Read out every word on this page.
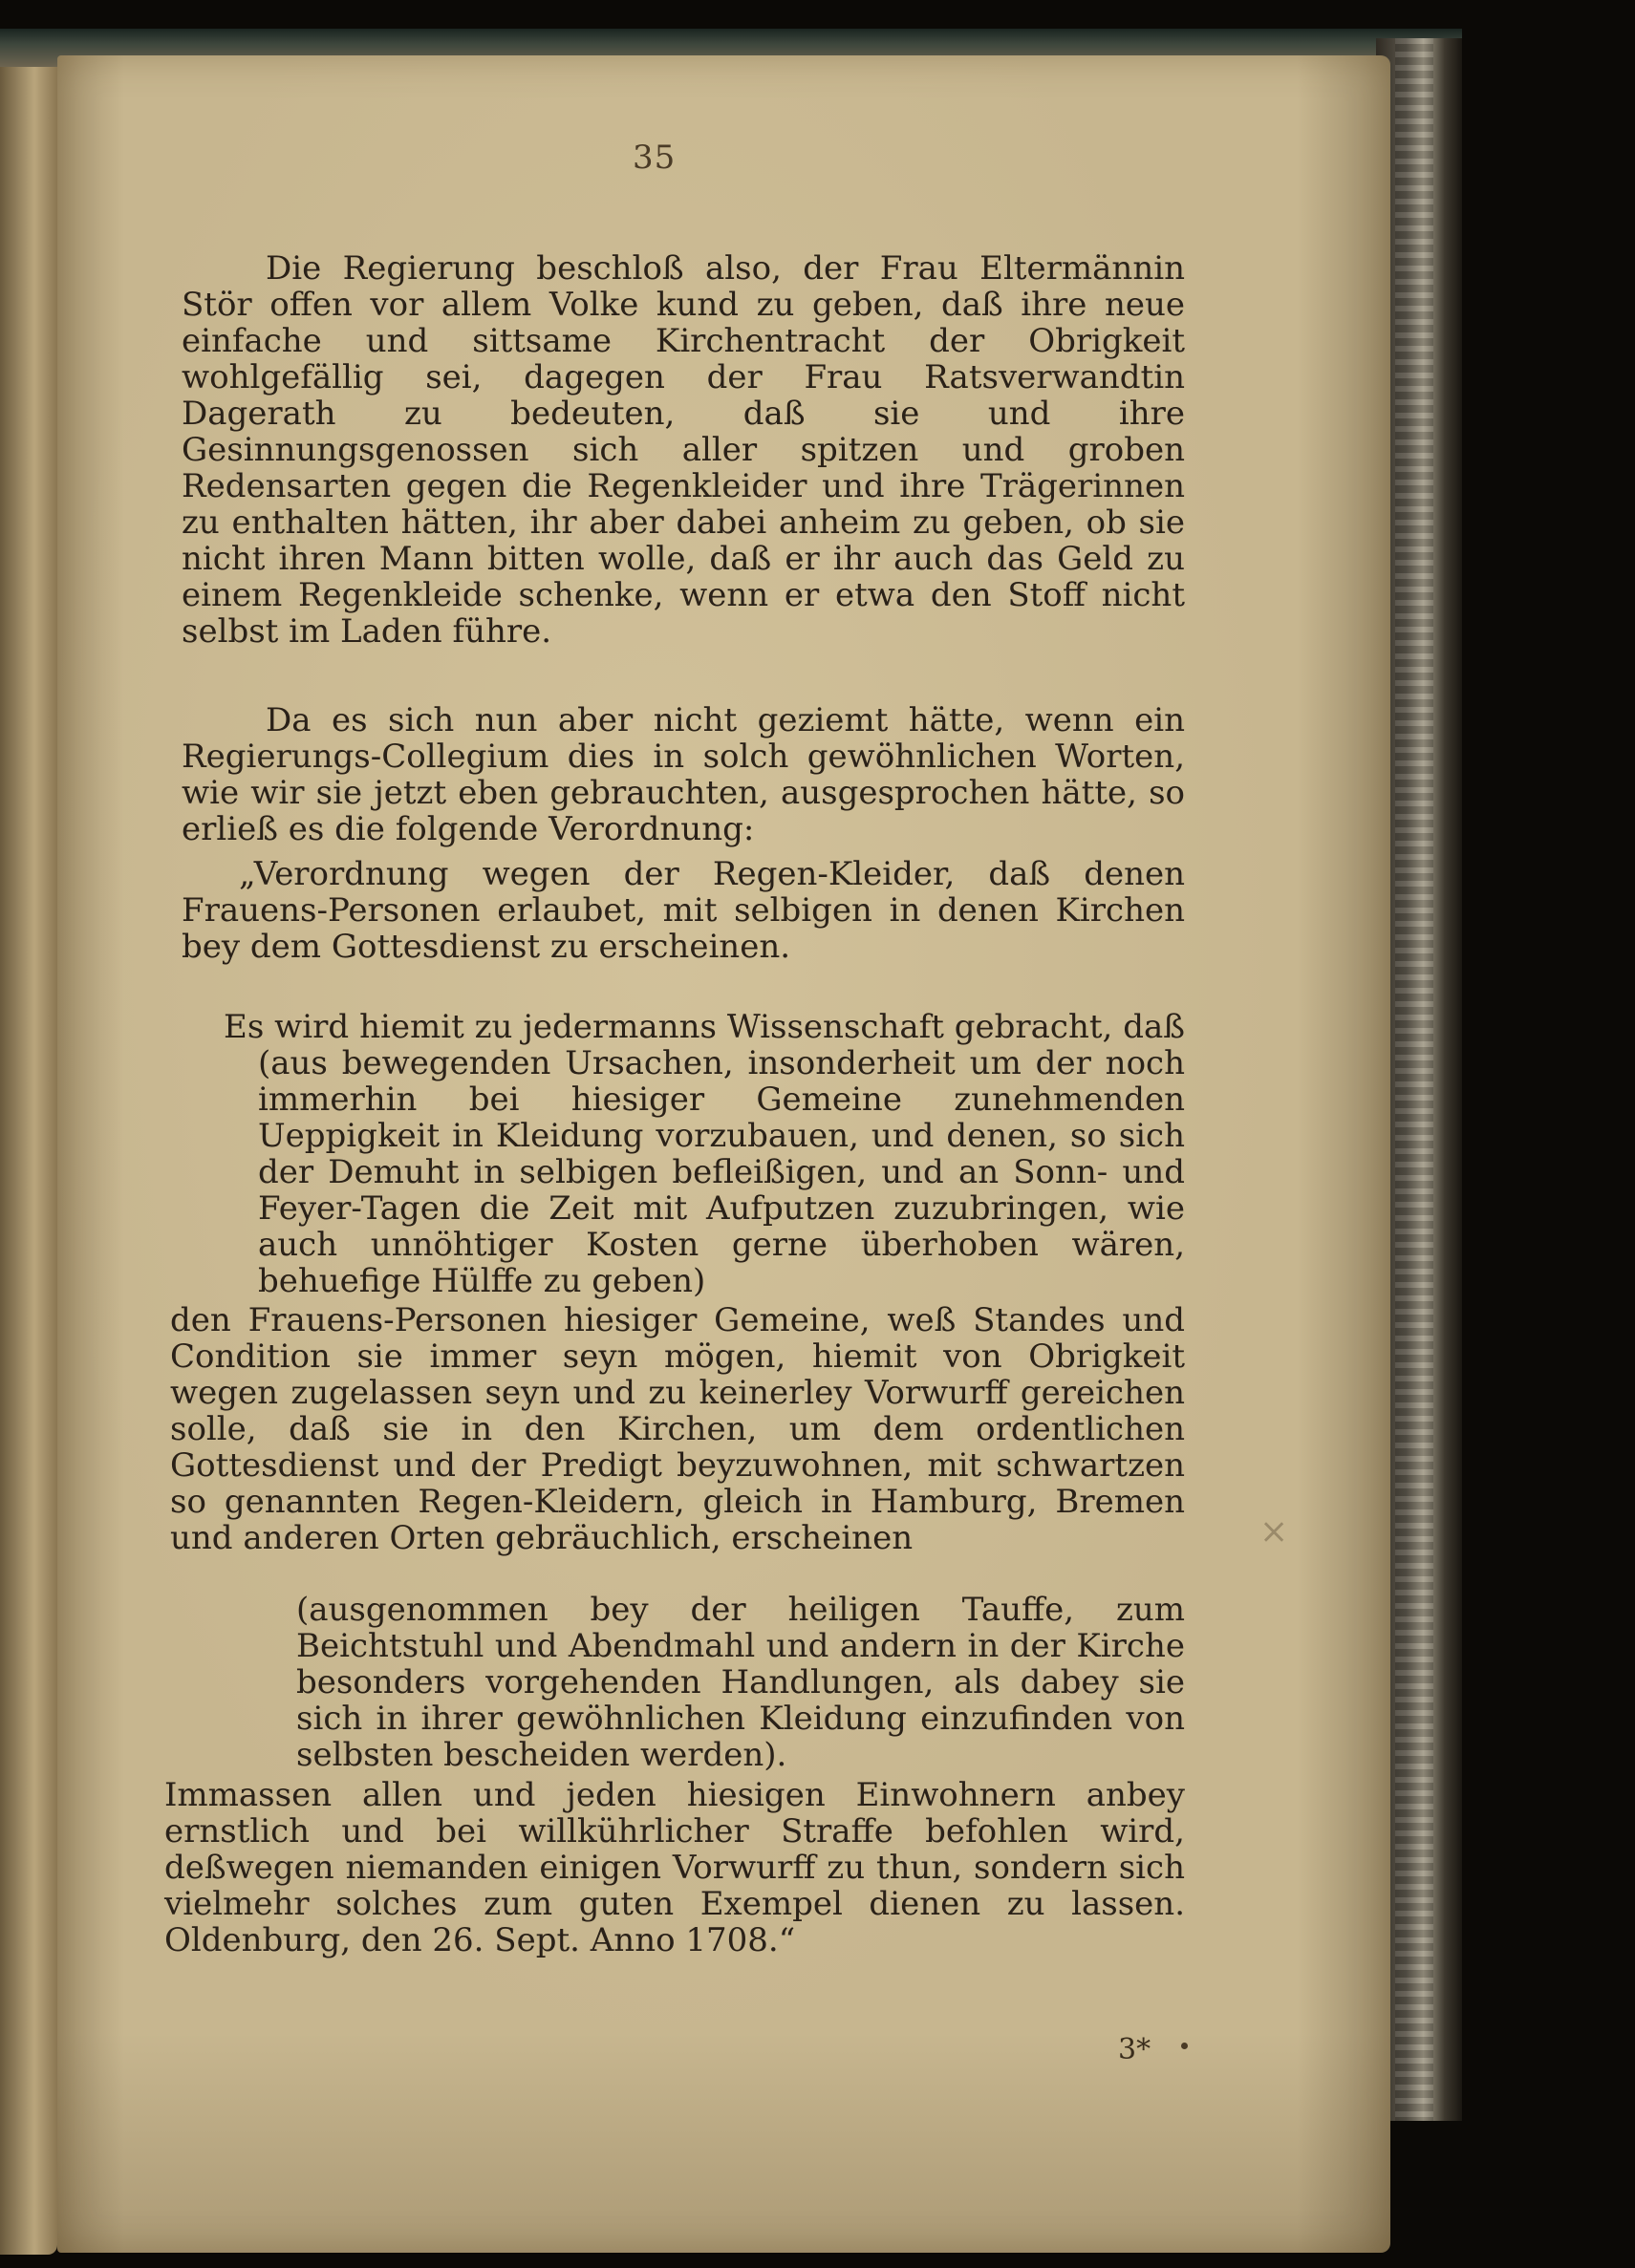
35
Die Regierung beschloß also, der Frau Eltermännin Stör offen vor allem Volke kund zu geben, daß ihre neue einfache und sittsame Kirchentracht der Obrigkeit wohlgefällig sei, dagegen der Frau Ratsverwandtin Dagerath zu bedeuten, daß sie und ihre Gesinnungsgenossen sich aller spitzen und groben Redensarten gegen die Regenkleider und ihre Trägerinnen zu enthalten hätten, ihr aber dabei anheim zu geben, ob sie nicht ihren Mann bitten wolle, daß er ihr auch das Geld zu einem Regenkleide schenke, wenn er etwa den Stoff nicht selbst im Laden führe.
Da es sich nun aber nicht geziemt hätte, wenn ein Regierungs-Collegium dies in solch gewöhnlichen Worten, wie wir sie jetzt eben gebrauchten, ausgesprochen hätte, so erließ es die folgende Verordnung:
„Verordnung wegen der Regen-Kleider, daß denen Frauens-Personen erlaubet, mit selbigen in denen Kirchen bey dem Gottesdienst zu erscheinen.
Es wird hiemit zu jedermanns Wissenschaft gebracht, daß (aus bewegenden Ursachen, insonderheit um der noch immerhin bei hiesiger Gemeine zunehmenden Ueppigkeit in Kleidung vorzubauen, und denen, so sich der Demuht in selbigen befleißigen, und an Sonn- und Feyer-Tagen die Zeit mit Aufputzen zuzubringen, wie auch unnöhtiger Kosten gerne überhoben wären, behuefige Hülffe zu geben)
den Frauens-Personen hiesiger Gemeine, weß Standes und Condition sie immer seyn mögen, hiemit von Obrigkeit wegen zugelassen seyn und zu keinerley Vorwurff gereichen solle, daß sie in den Kirchen, um dem ordentlichen Gottesdienst und der Predigt beyzuwohnen, mit schwartzen so genannten Regen-Kleidern, gleich in Hamburg, Bremen und anderen Orten gebräuchlich, erscheinen
(ausgenommen bey der heiligen Tauffe, zum Beichtstuhl und Abendmahl und andern in der Kirche besonders vorgehenden Handlungen, als dabey sie sich in ihrer gewöhnlichen Kleidung einzufinden von selbsten bescheiden werden).
Immassen allen und jeden hiesigen Einwohnern anbey ernstlich und bei willkührlicher Straffe befohlen wird, deßwegen niemanden einigen Vorwurff zu thun, sondern sich vielmehr solches zum guten Exempel dienen zu lassen. Oldenburg, den 26. Sept. Anno 1708.“
×
3*
